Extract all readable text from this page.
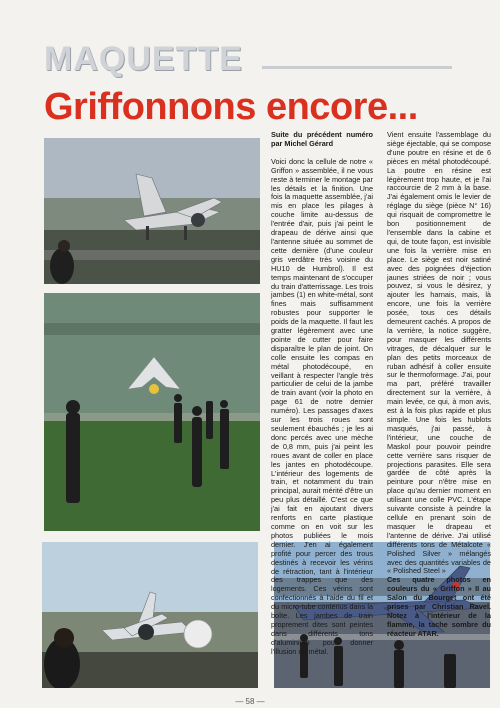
MAQUETTE
Griffonnons encore...

Suite du précédent numéro par Michel Gérard

Voici donc la cellule de notre « Griffon » assemblée, il ne vous reste à terminer le montage par les détails et la finition. Une fois la maquette assemblée, j'ai mis en place les pilages à couche limite au-dessus de l'entrée d'air, puis j'ai peint le drapeau de dérive ainsi que l'antenne située au sommet de cette dernière (d'une couleur gris verdâtre très voisine du HU10 de Humbrol). Il est temps maintenant de s'occuper du train d'atterrissage. Les trois jambes (1) en white-métal, sont fines mais suffisamment robustes pour supporter le poids de la maquette. Il faut les gratter légèrement avec une pointe de cutter pour faire disparaître le plan de joint. On colle ensuite les compas en métal photodécoupé, en veillant à respecter l'angle très particulier de celui de la jambe de train avant (voir la photo en page 61 de notre dernier numéro). Les passages d'axes sur les trois roues sont seulement ébauchés ; je les ai donc percés avec une mèche de 0,8 mm, puis j'ai peint les roues avant de coller en place les jantes en photodécoupe. L'intérieur des logements de train, et notamment du train principal, aurait mérité d'être un peu plus détaillé. C'est ce que j'ai fait en ajoutant divers renforts en carte plastique comme on en voit sur les photos publiées le mois dernier. J'en ai également profité pour percer des trous destinés à recevoir les vérins de rétraction, tant à l'intérieur des trappes que des logements. Ces vérins sont confectionnés à l'aide du fil et du micro-tube contenus dans la boîte. Les jambes de train proprement dites sont peintes dans différents tons d'aluminium pour donner l'illusion du métal.

Vient ensuite l'assemblage du siège éjectable, qui se compose d'une poutre en résine et de 6 pièces en métal photodécoupé. La poutre en résine est légèrement trop haute, et je l'ai raccourcie de 2 mm à la base. J'ai également omis le levier de réglage du siège (pièce N° 16) qui risquait de compromettre le bon positionnement de l'ensemble dans la cabine et qui, de toute façon, est invisible une fois la verrière mise en place. Le siège est noir satiné avec des poignées d'éjection jaunes striées de noir ; vous pouvez, si vous le désirez, y ajouter les harnais, mais, là encore, une fois la verrière posée, tous ces détails demeurent cachés. A propos de la verrière, la notice suggère, pour masquer les différents vitrages, de décalquer sur le plan des petits morceaux de ruban adhésif à coller ensuite sur le thermoformage. J'ai, pour ma part, préféré travailler directement sur la verrière, à main levée, ce qui, à mon avis, est à la fois plus rapide et plus simple. Une fois les hublots masqués, j'ai passé, à l'intérieur, une couche de Maskol pour pouvoir peindre cette verrière sans risquer de projections parasites. Elle sera gardée de côté après la peinture pour n'être mise en place qu'au dernier moment en utilisant une colle PVC. L'étape suivante consiste à peindre la cellule en prenant soin de masquer le drapeau et l'antenne de dérive. J'ai utilisé différents tons de Métalcote « Polished Silver » mélangés avec des quantités variables de « Polished Steel »

Ces quatre photos en couleurs du « Griffon » II au Salon du Bourget ont été prises par Christian Ravel. Notez à l'intérieur de la flamme, la tache sombre du réacteur ATAR.

— 58 —
